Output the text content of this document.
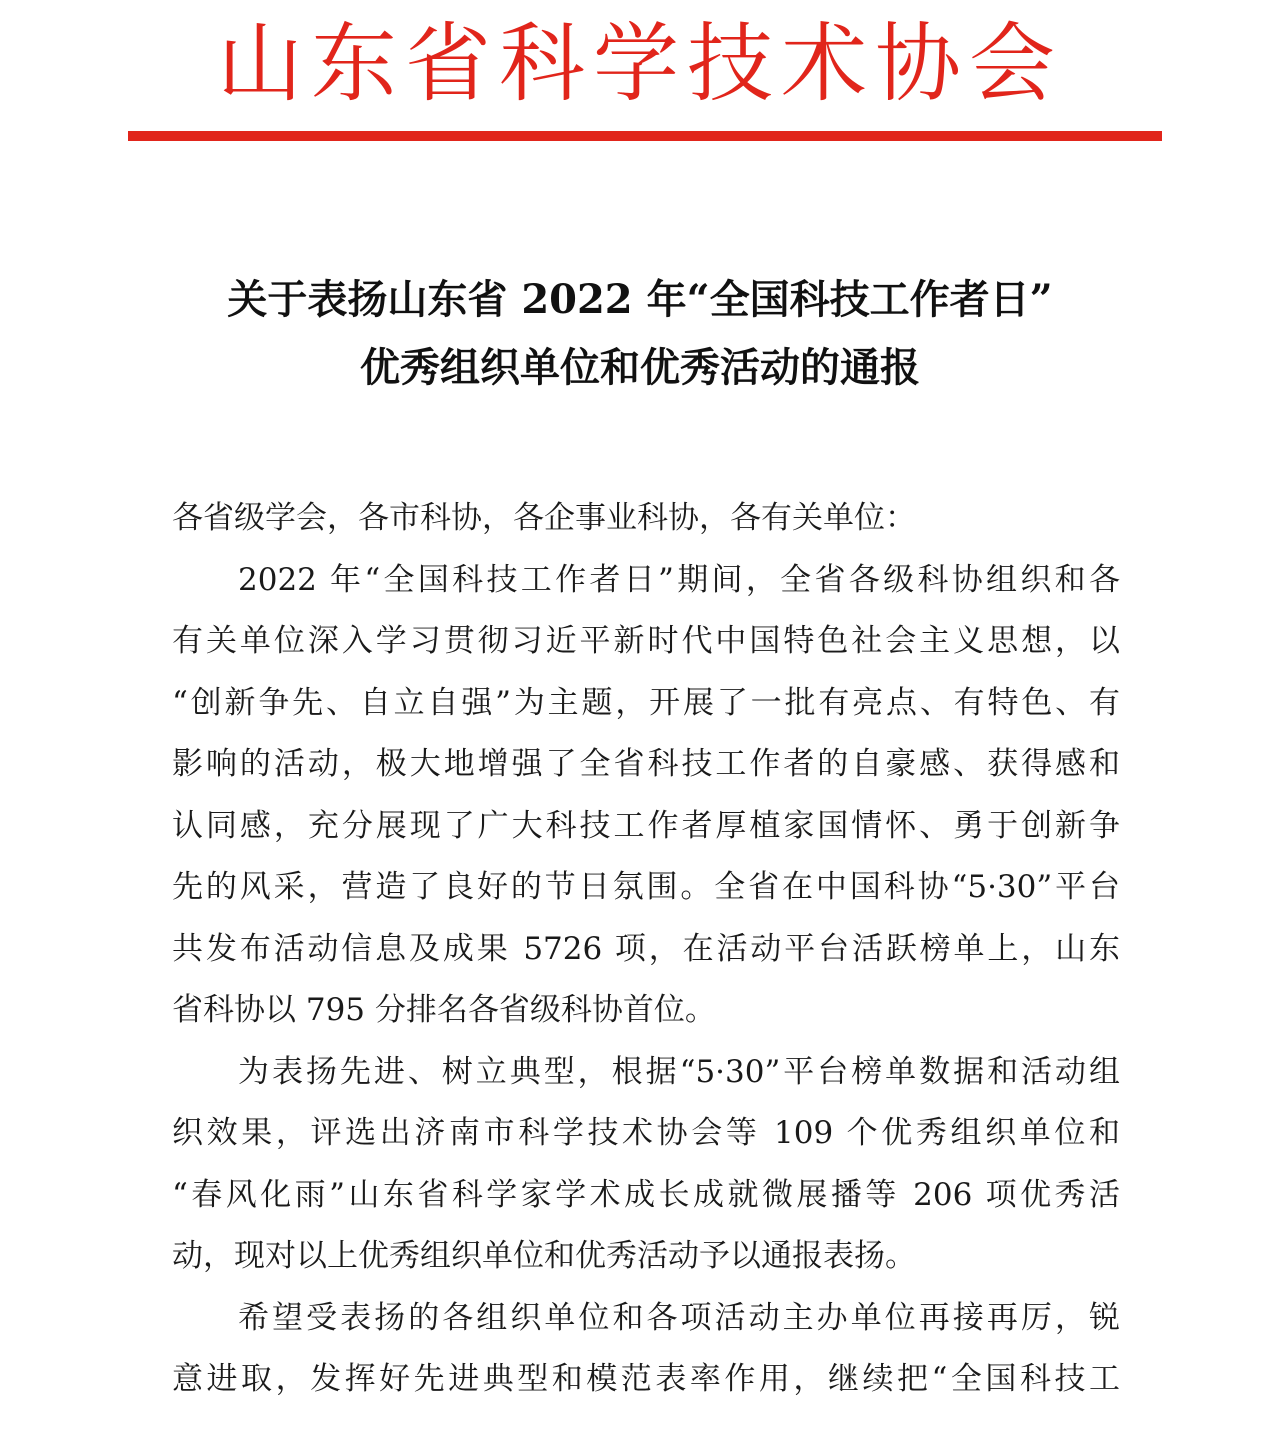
山东省科学技术协会
关于表扬山东省 2022 年“全国科技工作者日”
优秀组织单位和优秀活动的通报
各省级学会，各市科协，各企事业科协，各有关单位：
2022 年“全国科技工作者日”期间，全省各级科协组织和各
有关单位深入学习贯彻习近平新时代中国特色社会主义思想，以
“创新争先、自立自强”为主题，开展了一批有亮点、有特色、有
影响的活动，极大地增强了全省科技工作者的自豪感、获得感和
认同感，充分展现了广大科技工作者厚植家国情怀、勇于创新争
先的风采，营造了良好的节日氛围。全省在中国科协“5·30”平台
共发布活动信息及成果 5726 项，在活动平台活跃榜单上，山东
省科协以 795 分排名各省级科协首位。
为表扬先进、树立典型，根据“5·30”平台榜单数据和活动组
织效果，评选出济南市科学技术协会等 109 个优秀组织单位和
“春风化雨”山东省科学家学术成长成就微展播等 206 项优秀活
动，现对以上优秀组织单位和优秀活动予以通报表扬。
希望受表扬的各组织单位和各项活动主办单位再接再厉，锐
意进取，发挥好先进典型和模范表率作用，继续把“全国科技工
